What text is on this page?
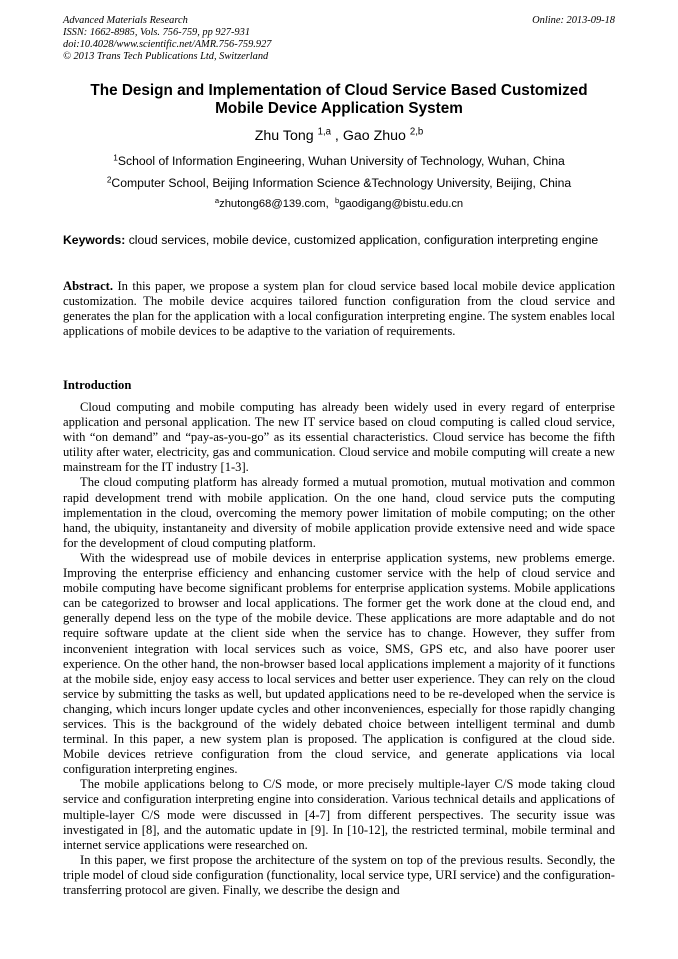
Advanced Materials Research
ISSN: 1662-8985, Vols. 756-759, pp 927-931
doi:10.4028/www.scientific.net/AMR.756-759.927
© 2013 Trans Tech Publications Ltd, Switzerland
Online: 2013-09-18
The Design and Implementation of Cloud Service Based Customized
Mobile Device Application System
Zhu Tong $^{1,a}$ , Gao Zhuo $^{2,b}$
$^1$School of Information Engineering, Wuhan University of Technology, Wuhan, China
$^2$Computer School, Beijing Information Science &Technology University, Beijing, China
$^a$zhutong68@139.com, $^b$gaodigang@bistu.edu.cn
Keywords: cloud services, mobile device, customized application, configuration interpreting engine
Abstract. In this paper, we propose a system plan for cloud service based local mobile device application customization. The mobile device acquires tailored function configuration from the cloud service and generates the plan for the application with a local configuration interpreting engine. The system enables local applications of mobile devices to be adaptive to the variation of requirements.
Introduction

Cloud computing and mobile computing has already been widely used in every regard of enterprise application and personal application. The new IT service based on cloud computing is called cloud service, with “on demand” and “pay-as-you-go” as its essential characteristics. Cloud service has become the fifth utility after water, electricity, gas and communication. Cloud service and mobile computing will create a new mainstream for the IT industry [1-3].

The cloud computing platform has already formed a mutual promotion, mutual motivation and common rapid development trend with mobile application. On the one hand, cloud service puts the computing implementation in the cloud, overcoming the memory power limitation of mobile computing; on the other hand, the ubiquity, instantaneity and diversity of mobile application provide extensive need and wide space for the development of cloud computing platform.

With the widespread use of mobile devices in enterprise application systems, new problems emerge. Improving the enterprise efficiency and enhancing customer service with the help of cloud service and mobile computing have become significant problems for enterprise application systems. Mobile applications can be categorized to browser and local applications. The former get the work done at the cloud end, and generally depend less on the type of the mobile device. These applications are more adaptable and do not require software update at the client side when the service has to change. However, they suffer from inconvenient integration with local services such as voice, SMS, GPS etc, and also have poorer user experience. On the other hand, the non-browser based local applications implement a majority of it functions at the mobile side, enjoy easy access to local services and better user experience. They can rely on the cloud service by submitting the tasks as well, but updated applications need to be re-developed when the service is changing, which incurs longer update cycles and other inconveniences, especially for those rapidly changing services. This is the background of the widely debated choice between intelligent terminal and dumb terminal. In this paper, a new system plan is proposed. The application is configured at the cloud side. Mobile devices retrieve configuration from the cloud service, and generate applications via local configuration interpreting engines.

The mobile applications belong to C/S mode, or more precisely multiple-layer C/S mode taking cloud service and configuration interpreting engine into consideration. Various technical details and applications of multiple-layer C/S mode were discussed in [4-7] from different perspectives. The security issue was investigated in [8], and the automatic update in [9]. In [10-12], the restricted terminal, mobile terminal and internet service applications were researched on.

In this paper, we first propose the architecture of the system on top of the previous results. Secondly, the triple model of cloud side configuration (functionality, local service type, URI service) and the configuration-transferring protocol are given. Finally, we describe the design and
